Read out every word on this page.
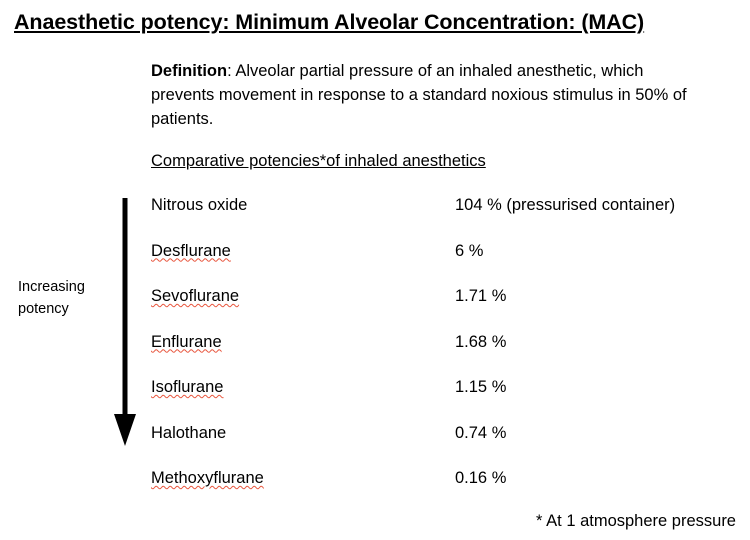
Anaesthetic potency: Minimum Alveolar Concentration: (MAC)
Definition: Alveolar partial pressure of an inhaled anesthetic, which prevents movement in response to a standard noxious stimulus in 50% of patients.
Comparative potencies*of inhaled anesthetics
Increasing potency
Nitrous oxide	104 % (pressurised container)
Desflurane	6 %
Sevoflurane	1.71 %
Enflurane	1.68 %
Isoflurane	1.15 %
Halothane	0.74 %
Methoxyflurane	0.16 %
* At 1 atmosphere pressure
